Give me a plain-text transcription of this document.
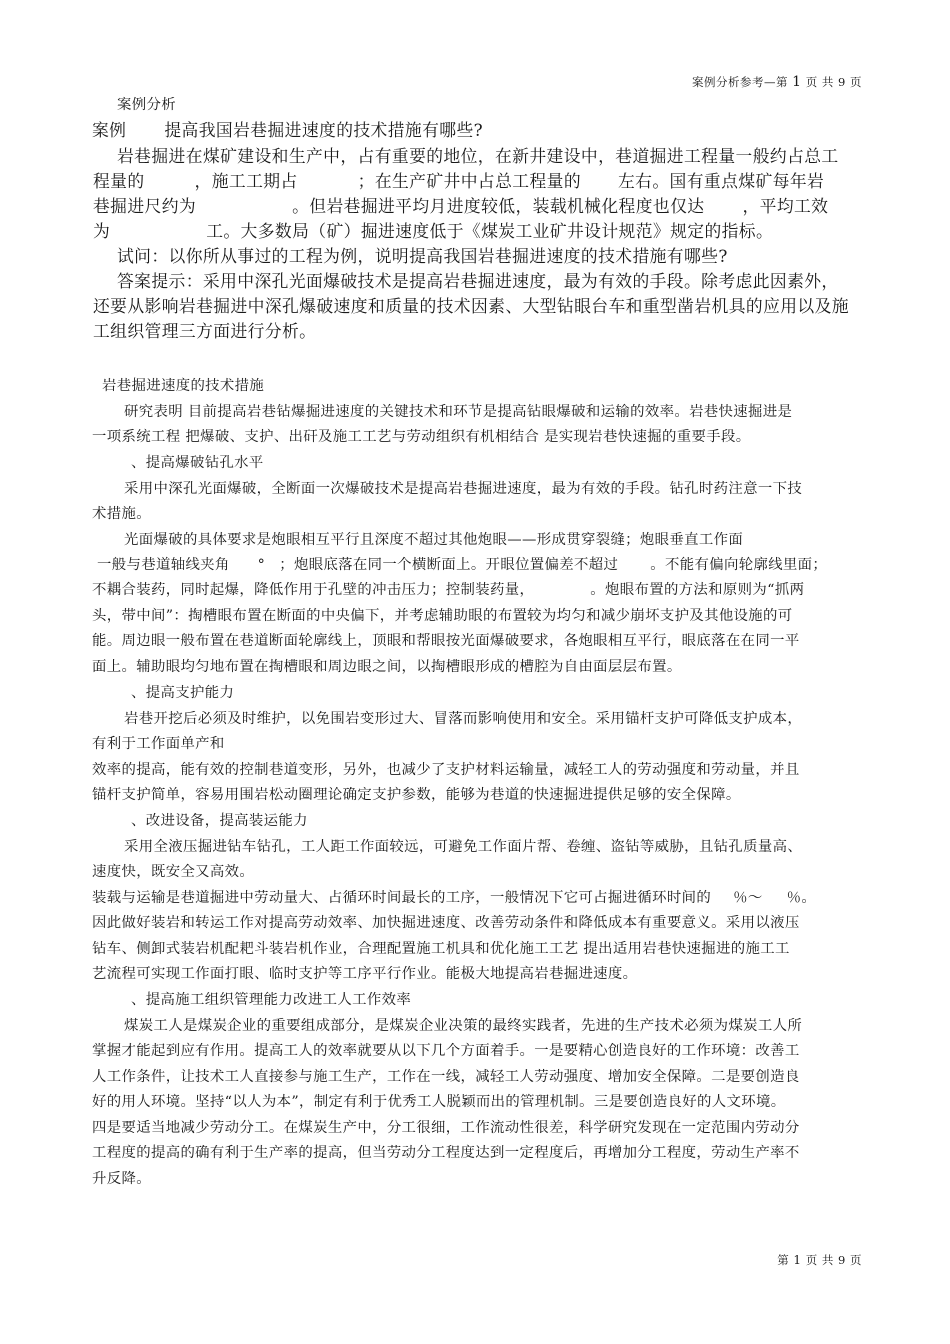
案例分析参考—第 1 页 共 9 页
案例分析
案例 提高我国岩巷掘进速度的技术措施有哪些?
岩巷掘进在煤矿建设和生产中，占有重要的地位，在新井建设中，巷道掘进工程量一般约占总工
程量的	，施工工期占	；在生产矿井中占总工程量的 左右。国有重点煤矿每年岩
巷掘进尺约为	。但岩巷掘进平均月进度较低，装载机械化程度也仅达 ，平均工效
为	工。大多数局（矿）掘进速度低于《煤炭工业矿井设计规范》规定的指标。
试问：以你所从事过的工程为例，说明提高我国岩巷掘进速度的技术措施有哪些?
答案提示：采用中深孔光面爆破技术是提高岩巷掘进速度，最为有效的手段。除考虑此因素外，
还要从影响岩巷掘进中深孔爆破速度和质量的技术因素、大型钻眼台车和重型凿岩机具的应用以及施
工组织管理三方面进行分析。
岩巷掘进速度的技术措施
研究表明 目前提高岩巷钻爆掘进速度的关键技术和环节是提高钻眼爆破和运输的效率。岩巷快速掘进是
一项系统工程 把爆破、支护、出矸及施工工艺与劳动组织有机相结合 是实现岩巷快速掘的重要手段。
、提高爆破钻孔水平
采用中深孔光面爆破，全断面一次爆破技术是提高岩巷掘进速度，最为有效的手段。钻孔时药注意一下技
术措施。
光面爆破的具体要求是炮眼相互平行且深度不超过其他炮眼——形成贯穿裂缝；炮眼垂直工作面
一般与巷道轴线夹角 ° ；炮眼底落在同一个横断面上。开眼位置偏差不超过 。不能有偏向轮廓线里面；
不耦合装药，同时起爆，降低作用于孔壁的冲击压力；控制装药量，	。炮眼布置的方法和原则为“抓两
头，带中间”：掏槽眼布置在断面的中央偏下，并考虑辅助眼的布置较为均匀和减少崩坏支护及其他设施的可
能。周边眼一般布置在巷道断面轮廓线上，顶眼和帮眼按光面爆破要求，各炮眼相互平行，眼底落在在同一平
面上。辅助眼均匀地布置在掏槽眼和周边眼之间，以掏槽眼形成的槽腔为自由面层层布置。
、提高支护能力
岩巷开挖后必须及时维护，以免围岩变形过大、冒落而影响使用和安全。采用锚杆支护可降低支护成本，
有利于工作面单产和
效率的提高，能有效的控制巷道变形，另外，也减少了支护材料运输量，减轻工人的劳动强度和劳动量，并且
锚杆支护简单，容易用围岩松动圈理论确定支护参数，能够为巷道的快速掘进提供足够的安全保障。
、改进设备，提高装运能力
采用全液压掘进钻车钻孔，工人距工作面较远，可避免工作面片帮、卷缠、盗钻等威胁，且钻孔质量高、
速度快，既安全又高效。
装载与运输是巷道掘进中劳动量大、占循环时间最长的工序，一般情况下它可占掘进循环时间的 ％～ ％。
因此做好装岩和转运工作对提高劳动效率、加快掘进速度、改善劳动条件和降低成本有重要意义。采用以液压
钻车、侧卸式装岩机配耙斗装岩机作业，合理配置施工机具和优化施工工艺 提出适用岩巷快速掘进的施工工
艺流程可实现工作面打眼、临时支护等工序平行作业。能极大地提高岩巷掘进速度。
、提高施工组织管理能力改进工人工作效率
煤炭工人是煤炭企业的重要组成部分，是煤炭企业决策的最终实践者，先进的生产技术必须为煤炭工人所
掌握才能起到应有作用。提高工人的效率就要从以下几个方面着手。一是要精心创造良好的工作环境：改善工
人工作条件，让技术工人直接参与施工生产，工作在一线，减轻工人劳动强度、增加安全保障。二是要创造良
好的用人环境。坚持“以人为本”，制定有利于优秀工人脱颖而出的管理机制。三是要创造良好的人文环境。
四是要适当地减少劳动分工。在煤炭生产中，分工很细，工作流动性很差，科学研究发现在一定范围内劳动分
工程度的提高的确有利于生产率的提高，但当劳动分工程度达到一定程度后，再增加分工程度，劳动生产率不
升反降。
第 1 页 共 9 页
